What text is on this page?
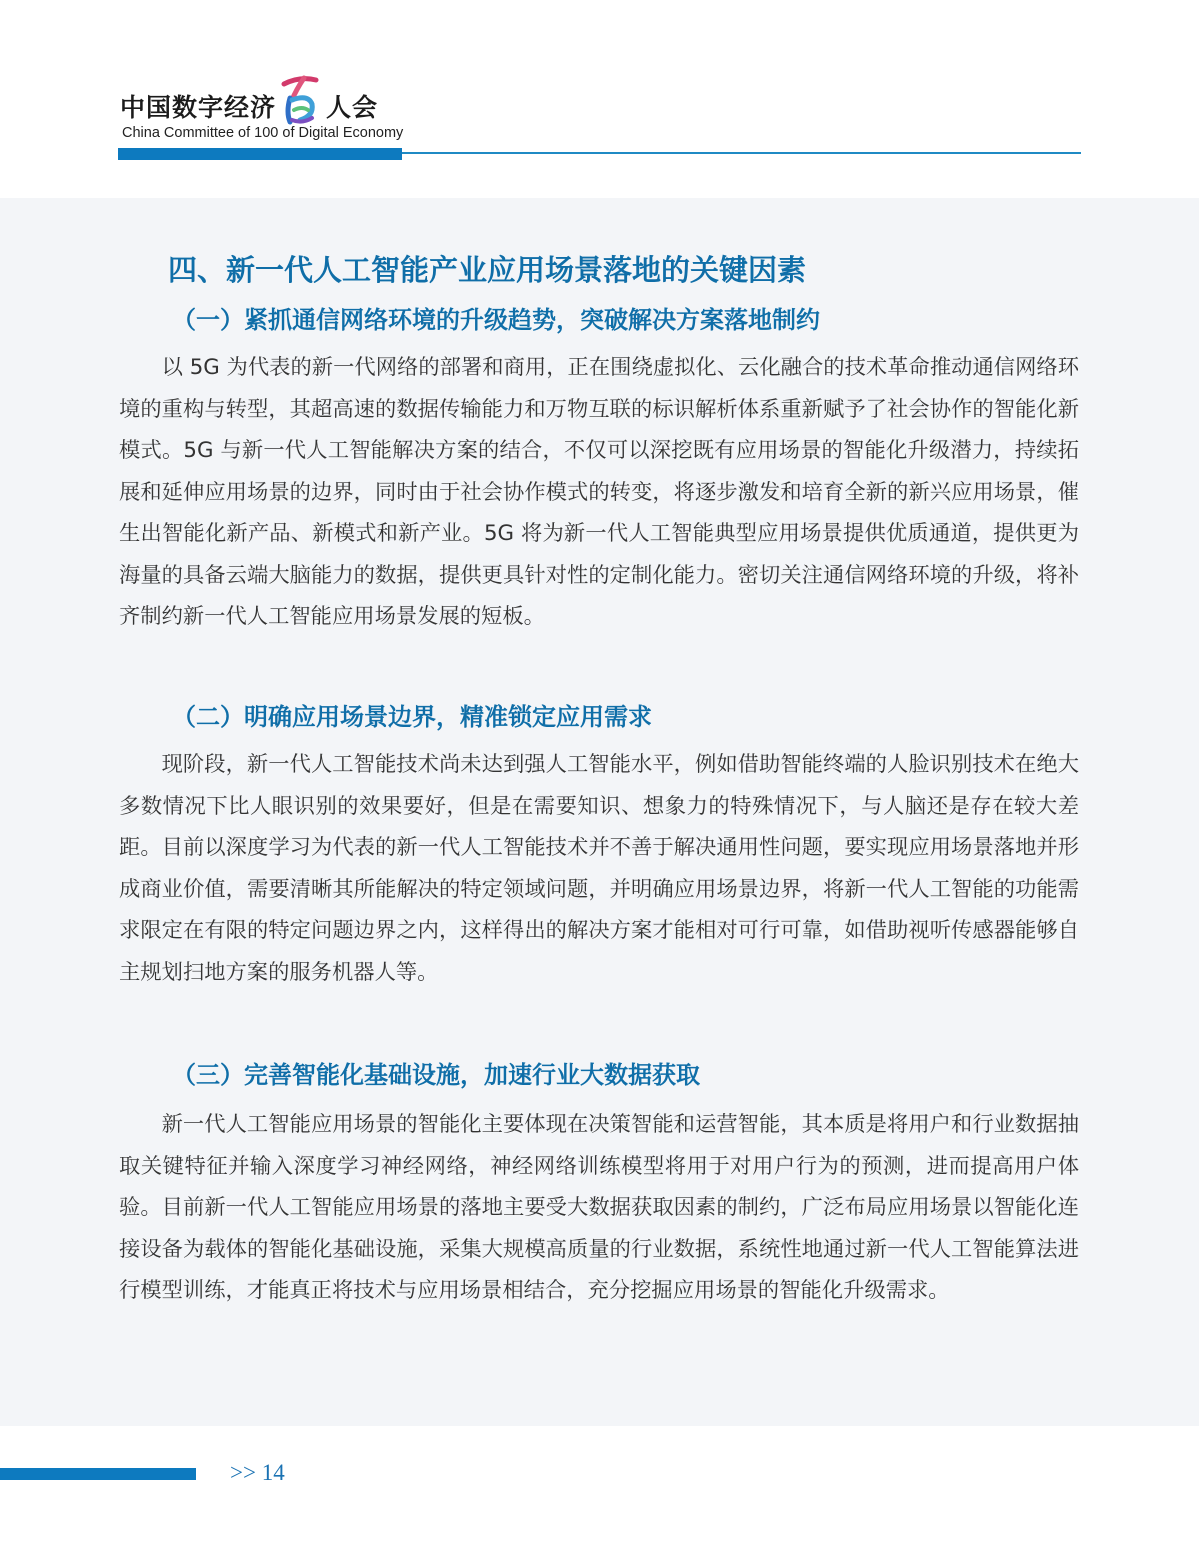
中国数字经济 人会
China Committee of 100 of Digital Economy
四、新一代人工智能产业应用场景落地的关键因素
（一）紧抓通信网络环境的升级趋势，突破解决方案落地制约

以 5G 为代表的新一代网络的部署和商用，正在围绕虚拟化、云化融合的技术革命推动通信网络环境的重构与转型，其超高速的数据传输能力和万物互联的标识解析体系重新赋予了社会协作的智能化新模式。5G 与新一代人工智能解决方案的结合，不仅可以深挖既有应用场景的智能化升级潜力，持续拓展和延伸应用场景的边界，同时由于社会协作模式的转变，将逐步激发和培育全新的新兴应用场景，催生出智能化新产品、新模式和新产业。5G 将为新一代人工智能典型应用场景提供优质通道，提供更为海量的具备云端大脑能力的数据，提供更具针对性的定制化能力。密切关注通信网络环境的升级，将补齐制约新一代人工智能应用场景发展的短板。

（二）明确应用场景边界，精准锁定应用需求

现阶段，新一代人工智能技术尚未达到强人工智能水平，例如借助智能终端的人脸识别技术在绝大多数情况下比人眼识别的效果要好，但是在需要知识、想象力的特殊情况下，与人脑还是存在较大差距。目前以深度学习为代表的新一代人工智能技术并不善于解决通用性问题，要实现应用场景落地并形成商业价值，需要清晰其所能解决的特定领域问题，并明确应用场景边界，将新一代人工智能的功能需求限定在有限的特定问题边界之内，这样得出的解决方案才能相对可行可靠，如借助视听传感器能够自主规划扫地方案的服务机器人等。

（三）完善智能化基础设施，加速行业大数据获取

新一代人工智能应用场景的智能化主要体现在决策智能和运营智能，其本质是将用户和行业数据抽取关键特征并输入深度学习神经网络，神经网络训练模型将用于对用户行为的预测，进而提高用户体验。目前新一代人工智能应用场景的落地主要受大数据获取因素的制约，广泛布局应用场景以智能化连接设备为载体的智能化基础设施，采集大规模高质量的行业数据，系统性地通过新一代人工智能算法进行模型训练，才能真正将技术与应用场景相结合，充分挖掘应用场景的智能化升级需求。

>> 14
